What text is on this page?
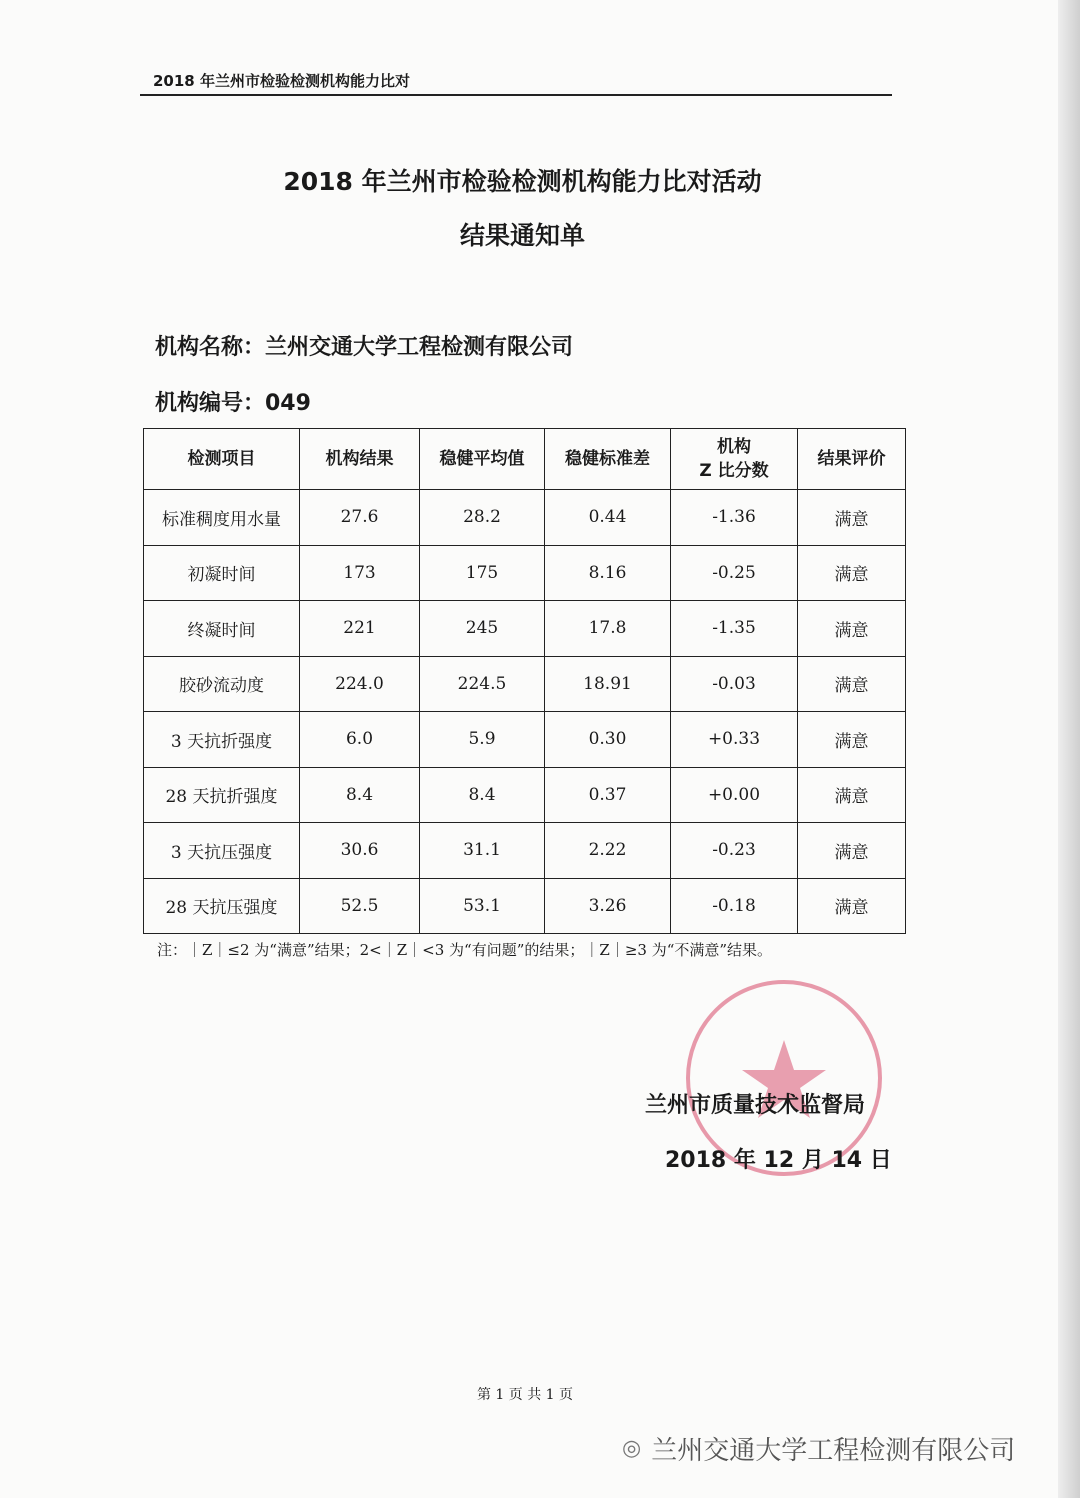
2018 年兰州市检验检测机构能力比对
2018 年兰州市检验检测机构能力比对活动
结果通知单
机构名称：兰州交通大学工程检测有限公司
机构编号：049
检测项目	机构结果	稳健平均值	稳健标准差	机构
Z 比分数	结果评价
标准稠度用水量	27.6	28.2	0.44	-1.36	满意
初凝时间	173	175	8.16	-0.25	满意
终凝时间	221	245	17.8	-1.35	满意
胶砂流动度	224.0	224.5	18.91	-0.03	满意
3 天抗折强度	6.0	5.9	0.30	+0.33	满意
28 天抗折强度	8.4	8.4	0.37	+0.00	满意
3 天抗压强度	30.6	31.1	2.22	-0.23	满意
28 天抗压强度	52.5	53.1	3.26	-0.18	满意
注：｜Z｜≤2 为“满意”结果；2<｜Z｜<3 为“有问题”的结果；｜Z｜≥3 为“不满意”结果。
兰州市质量技术监督局
2018 年 12 月 14 日
第 1 页 共 1 页
◎ 兰州交通大学工程检测有限公司
